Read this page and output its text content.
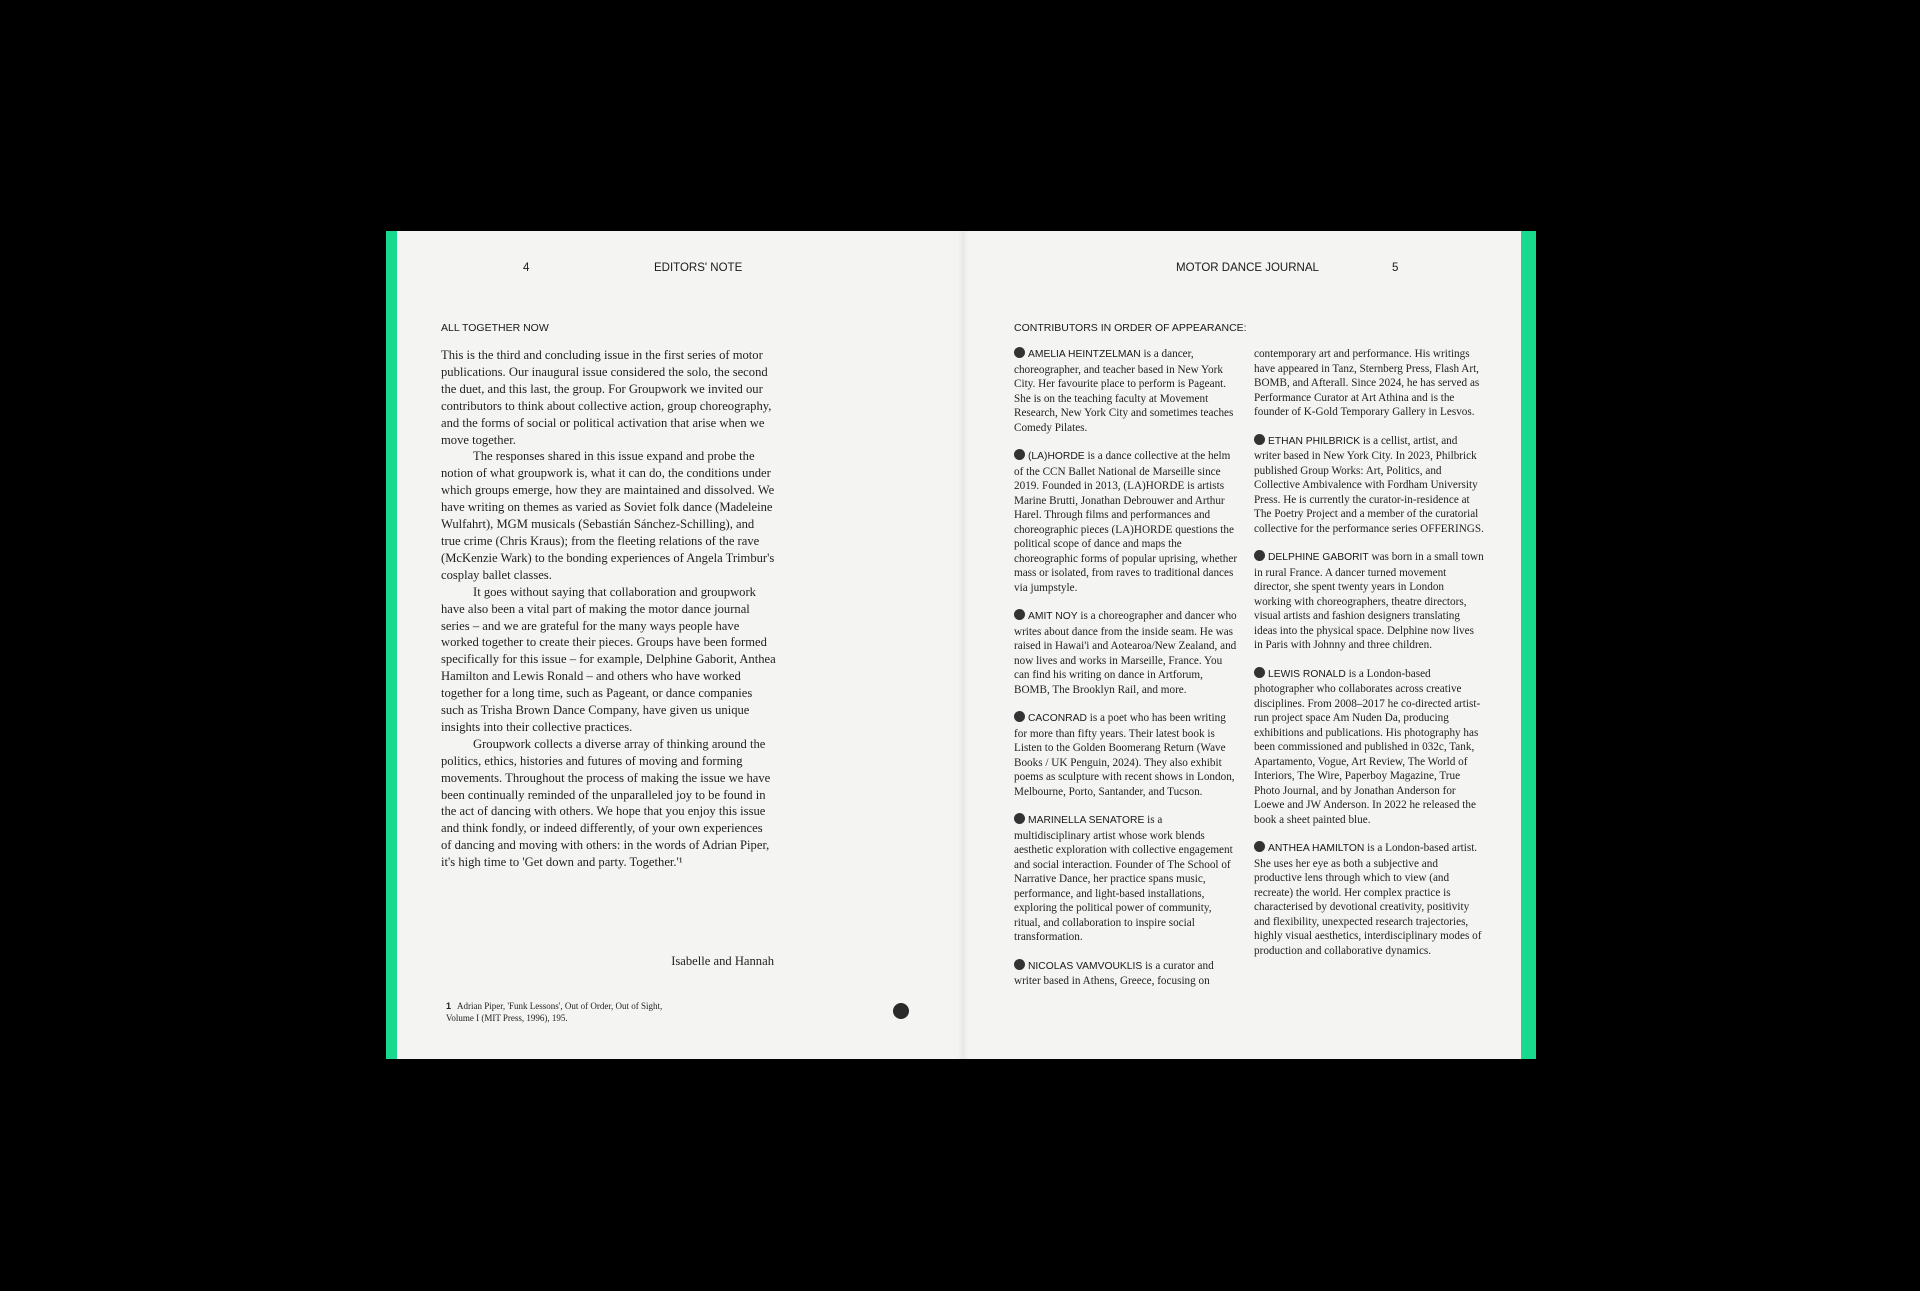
4	EDITORS' NOTE
ALL TOGETHER NOW

This is the third and concluding issue in the first series of motor publications. Our inaugural issue considered the solo, the second the duet, and this last, the group. For Groupwork we invited our contributors to think about collective action, group choreography, and the forms of social or political activation that arise when we move together.

The responses shared in this issue expand and probe the notion of what groupwork is, what it can do, the conditions under which groups emerge, how they are maintained and dissolved. We have writing on themes as varied as Soviet folk dance (Madeleine Wulfahrt), MGM musicals (Sebastián Sánchez-Schilling), and true crime (Chris Kraus); from the fleeting relations of the rave (McKenzie Wark) to the bonding experiences of Angela Trimbur's cosplay ballet classes.

It goes without saying that collaboration and groupwork have also been a vital part of making the motor dance journal series – and we are grateful for the many ways people have worked together to create their pieces. Groups have been formed specifically for this issue – for example, Delphine Gaborit, Anthea Hamilton and Lewis Ronald – and others who have worked together for a long time, such as Pageant, or dance companies such as Trisha Brown Dance Company, have given us unique insights into their collective practices.

Groupwork collects a diverse array of thinking around the politics, ethics, histories and futures of moving and forming movements. Throughout the process of making the issue we have been continually reminded of the unparalleled joy to be found in the act of dancing with others. We hope that you enjoy this issue and think fondly, or indeed differently, of your own experiences of dancing and moving with others: in the words of Adrian Piper, it's high time to 'Get down and party. Together.'¹

Isabelle and Hannah
1 Adrian Piper, 'Funk Lessons', Out of Order, Out of Sight, Volume I (MIT Press, 1996), 195.
MOTOR DANCE JOURNAL	5
CONTRIBUTORS IN ORDER OF APPEARANCE:

AMELIA HEINTZELMAN is a dancer, choreographer, and teacher based in New York City. Her favourite place to perform is Pageant. She is on the teaching faculty at Movement Research, New York City and sometimes teaches Comedy Pilates.

(LA)HORDE is a dance collective at the helm of the CCN Ballet National de Marseille since 2019. Founded in 2013, (LA)HORDE is artists Marine Brutti, Jonathan Debrouwer and Arthur Harel. Through films and performances and choreographic pieces (LA)HORDE questions the political scope of dance and maps the choreographic forms of popular uprising, whether mass or isolated, from raves to traditional dances via jumpstyle.

AMIT NOY is a choreographer and dancer who writes about dance from the inside seam. He was raised in Hawai'i and Aotearoa/New Zealand, and now lives and works in Marseille, France. You can find his writing on dance in Artforum, BOMB, The Brooklyn Rail, and more.

CACONRAD is a poet who has been writing for more than fifty years. Their latest book is Listen to the Golden Boomerang Return (Wave Books / UK Penguin, 2024). They also exhibit poems as sculpture with recent shows in London, Melbourne, Porto, Santander, and Tucson.

MARINELLA SENATORE is a multidisciplinary artist whose work blends aesthetic exploration with collective engagement and social interaction. Founder of The School of Narrative Dance, her practice spans music, performance, and light-based installations, exploring the political power of community, ritual, and collaboration to inspire social transformation.

NICOLAS VAMVOUKLIS is a curator and writer based in Athens, Greece, focusing on

contemporary art and performance. His writings have appeared in Tanz, Sternberg Press, Flash Art, BOMB, and Afterall. Since 2024, he has served as Performance Curator at Art Athina and is the founder of K-Gold Temporary Gallery in Lesvos.

ETHAN PHILBRICK is a cellist, artist, and writer based in New York City. In 2023, Philbrick published Group Works: Art, Politics, and Collective Ambivalence with Fordham University Press. He is currently the curator-in-residence at The Poetry Project and a member of the curatorial collective for the performance series OFFERINGS.

DELPHINE GABORIT was born in a small town in rural France. A dancer turned movement director, she spent twenty years in London working with choreographers, theatre directors, visual artists and fashion designers translating ideas into the physical space. Delphine now lives in Paris with Johnny and three children.

LEWIS RONALD is a London-based photographer who collaborates across creative disciplines. From 2008–2017 he co-directed artist-run project space Am Nuden Da, producing exhibitions and publications. His photography has been commissioned and published in 032c, Tank, Apartamento, Vogue, Art Review, The World of Interiors, The Wire, Paperboy Magazine, True Photo Journal, and by Jonathan Anderson for Loewe and JW Anderson. In 2022 he released the book a sheet painted blue.

ANTHEA HAMILTON is a London-based artist. She uses her eye as both a subjective and productive lens through which to view (and recreate) the world. Her complex practice is characterised by devotional creativity, positivity and flexibility, unexpected research trajectories, highly visual aesthetics, interdisciplinary modes of production and collaborative dynamics.
